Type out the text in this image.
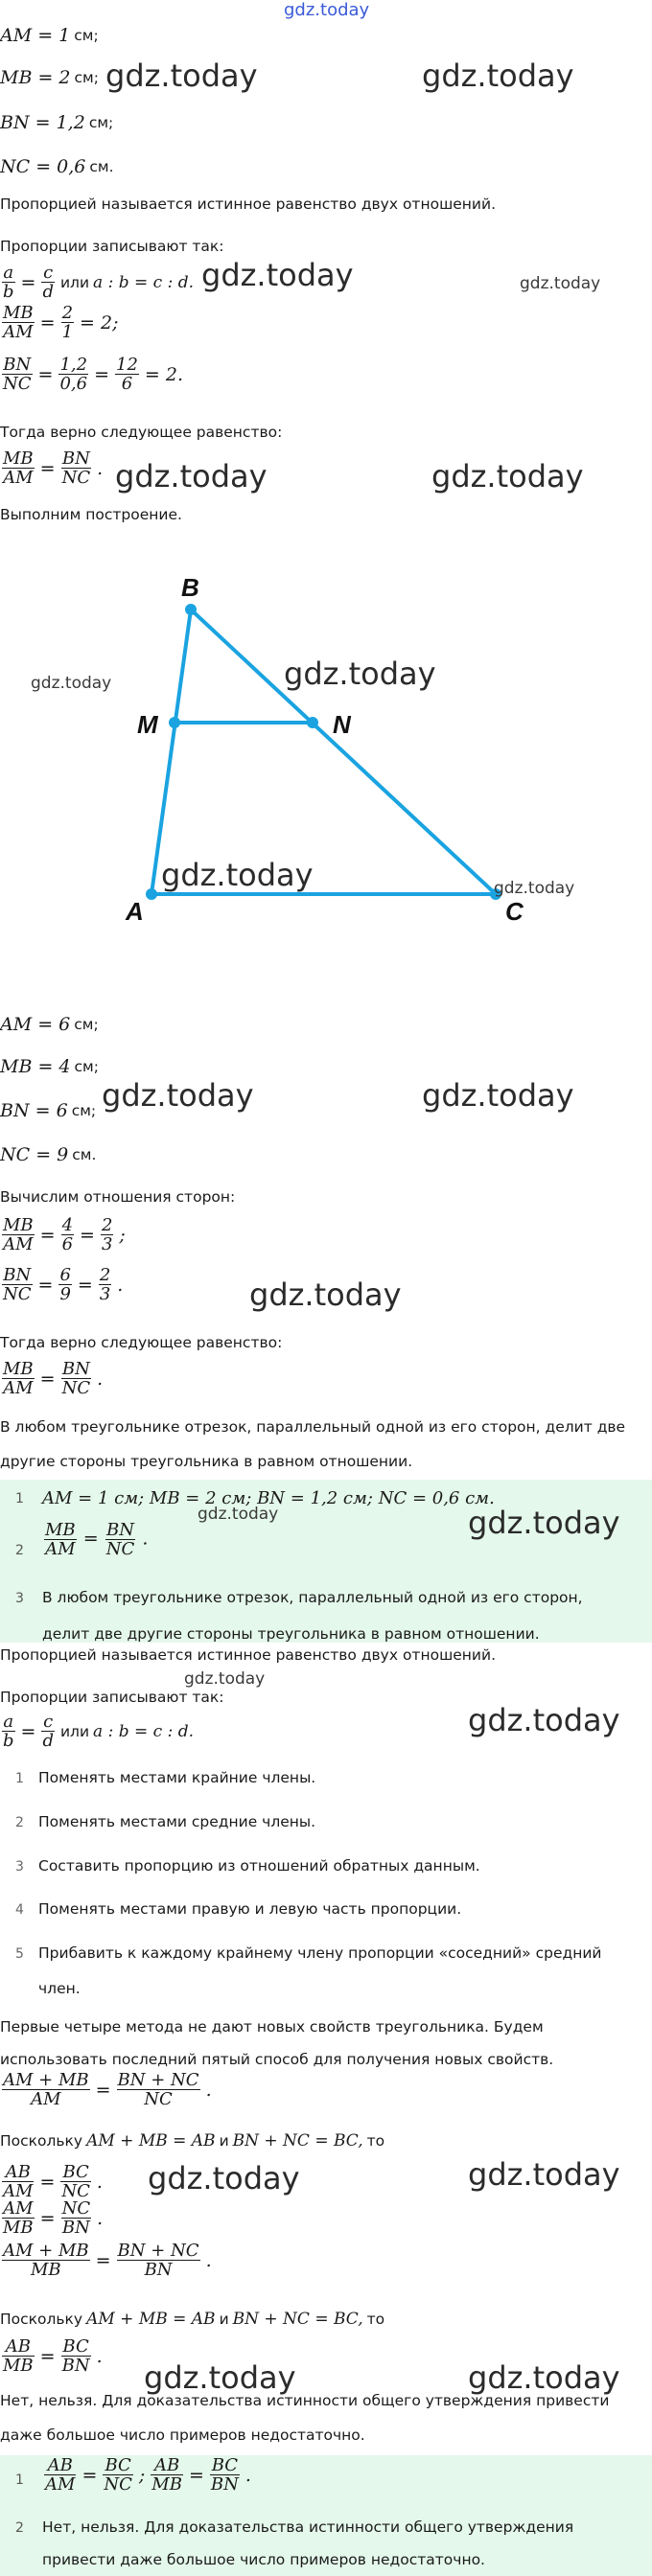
gdz.today
AM = 1 см;
MB = 2 см;
BN = 1,2 см;
NC = 0,6 см.
Пропорцией называется истинное равенство двух отношений.
Пропорции записывают так:
$\frac{a}{b} = \frac{c}{d}$ или a : b = c : d.
$\frac{MB}{AM} = \frac{2}{1} = 2$;
$\frac{BN}{NC} = \frac{1,2}{0,6} = \frac{12}{6} = 2$.
Тогда верно следующее равенство:
$\frac{MB}{AM} = \frac{BN}{NC}$ .
Выполним построение.
B
M	N
A	C
AM = 6 см;
MB = 4 см;
BN = 6 см;
NC = 9 см.
Вычислим отношения сторон:
$\frac{MB}{AM} = \frac{4}{6} = \frac{2}{3}$ ;
$\frac{BN}{NC} = \frac{6}{9} = \frac{2}{3}$ .
Тогда верно следующее равенство:
$\frac{MB}{AM} = \frac{BN}{NC}$ .
В любом треугольнике отрезок, параллельный одной из его сторон, делит две
другие стороны треугольника в равном отношении.
1 AM = 1 см; MB = 2 см; BN = 1,2 см; NC = 0,6 см.
$2 \frac{MB}{AM} = \frac{BN}{NC}$ .
3 В любом треугольнике отрезок, параллельный одной из его сторон,
делит две другие стороны треугольника в равном отношении.
Пропорцией называется истинное равенство двух отношений.
Пропорции записывают так:
$\frac{a}{b} = \frac{c}{d}$ или a : b = c : d.
1 Поменять местами крайние члены.
2 Поменять местами средние члены.
3 Составить пропорцию из отношений обратных данным.
4 Поменять местами правую и левую часть пропорции.
5 Прибавить к каждому крайнему члену пропорции «соседний» средний
член.
Первые четыре метода не дают новых свойств треугольника. Будем
использовать последний пятый способ для получения новых свойств.
$\frac{AM + MB}{AM} = \frac{BN + NC}{NC}$ .
Поскольку AM + MB = AB и BN + NC = BC, то
$\frac{AB}{AM} = \frac{BC}{NC}$ .
$\frac{AM}{MB} = \frac{NC}{BN}$ .
$\frac{AM + MB}{MB} = \frac{BN + NC}{BN}$ .
Поскольку AM + MB = AB и BN + NC = BC, то
$\frac{AB}{MB} = \frac{BC}{BN}$ .
Нет, нельзя. Для доказательства истинности общего утверждения привести
даже большое число примеров недостаточно.
$1 \frac{AB}{AM} = \frac{BC}{NC}$ ; $\frac{AB}{MB} = \frac{BC}{BN}$ .
2 Нет, нельзя. Для доказательства истинности общего утверждения
привести даже большое число примеров недостаточно.
gdz.today	gdz.today
gdz.today	gdz.today
gdz.today	gdz.today
gdz.today	gdz.today
gdz.today	gdz.today
gdz.today	gdz.today
gdz.today
gdz.today	gdz.today
gdz.today
gdz.today
gdz.today	gdz.today
gdz.today	gdz.today
